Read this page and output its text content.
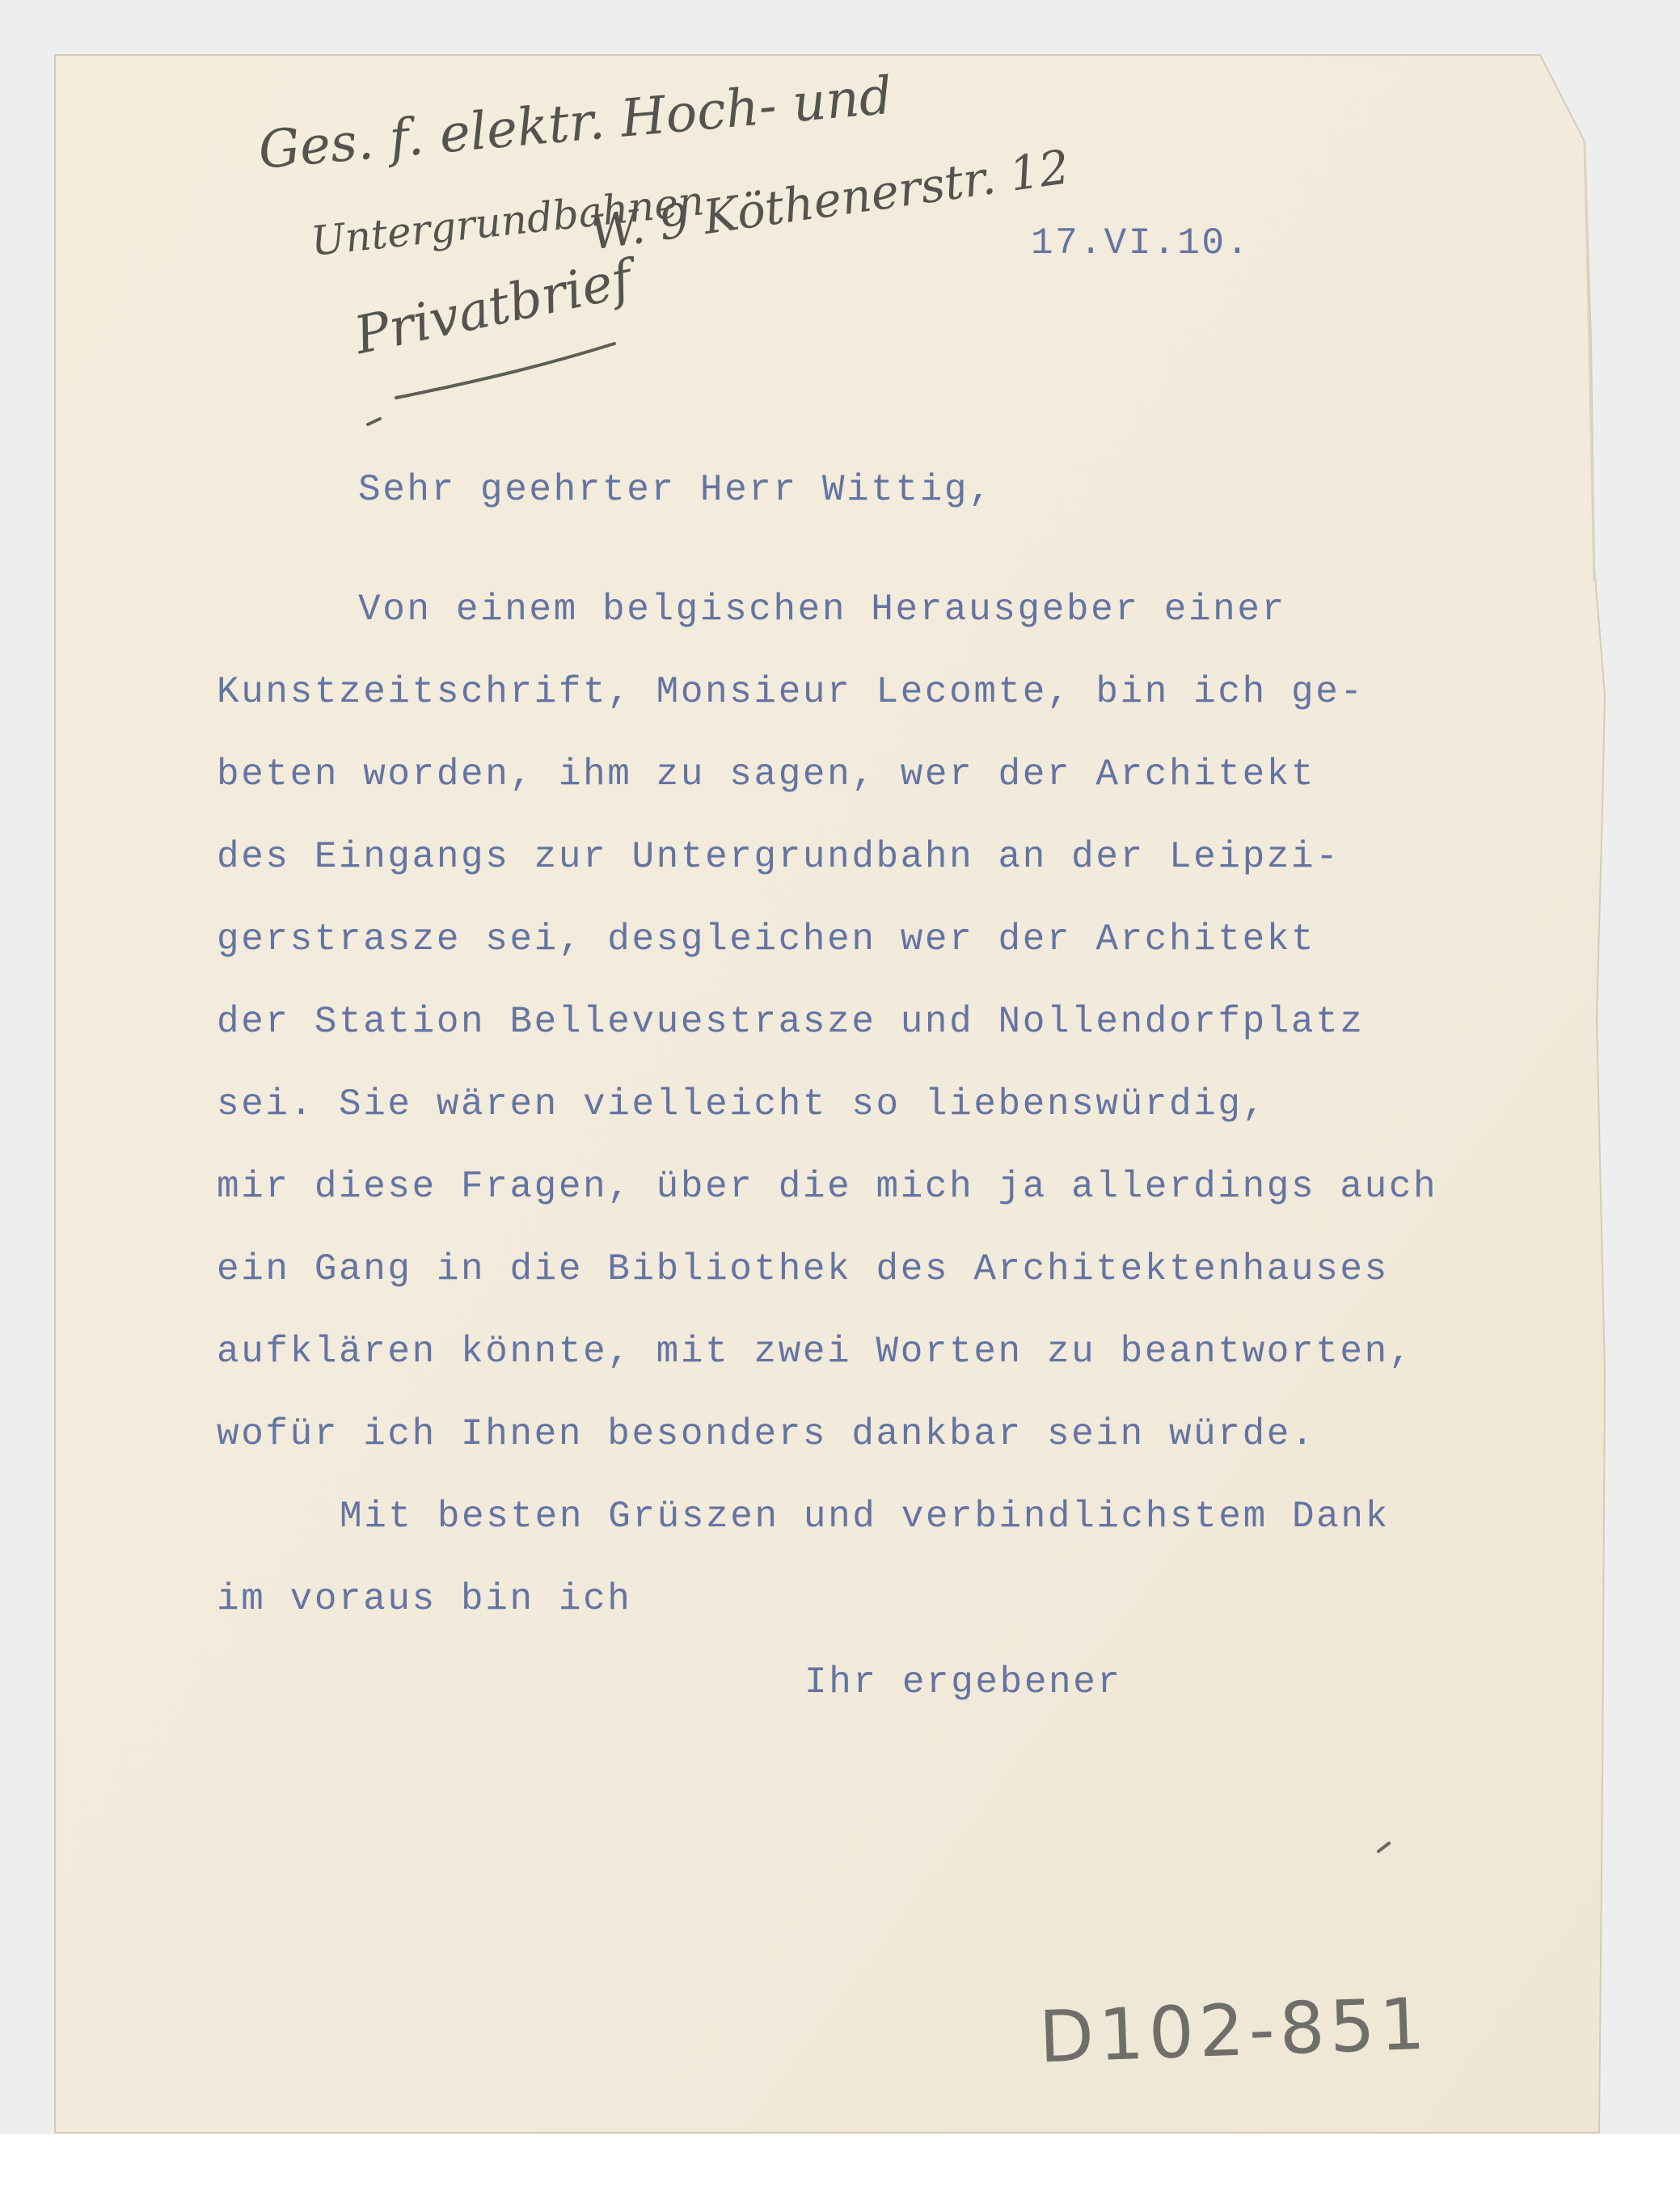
Ges. f. elektr. Hoch- und
Untergrundbahnen
W. 9 Köthenerstr. 12
Privatbrief
17.VI.10.
Sehr geehrter Herr Wittig,
Von einem belgischen Herausgeber einer
Kunstzeitschrift, Monsieur Lecomte, bin ich ge-
beten worden, ihm zu sagen, wer der Architekt
des Eingangs zur Untergrundbahn an der Leipzi-
gerstrasze sei, desgleichen wer der Architekt
der Station Bellevuestrasze und Nollendorfplatz
sei. Sie wären vielleicht so liebenswürdig,
mir diese Fragen, über die mich ja allerdings auch
ein Gang in die Bibliothek des Architektenhauses
aufklären könnte, mit zwei Worten zu beantworten,
wofür ich Ihnen besonders dankbar sein würde.
Mit besten Grüszen und verbindlichstem Dank
im voraus bin ich
Ihr ergebener
D102-851
